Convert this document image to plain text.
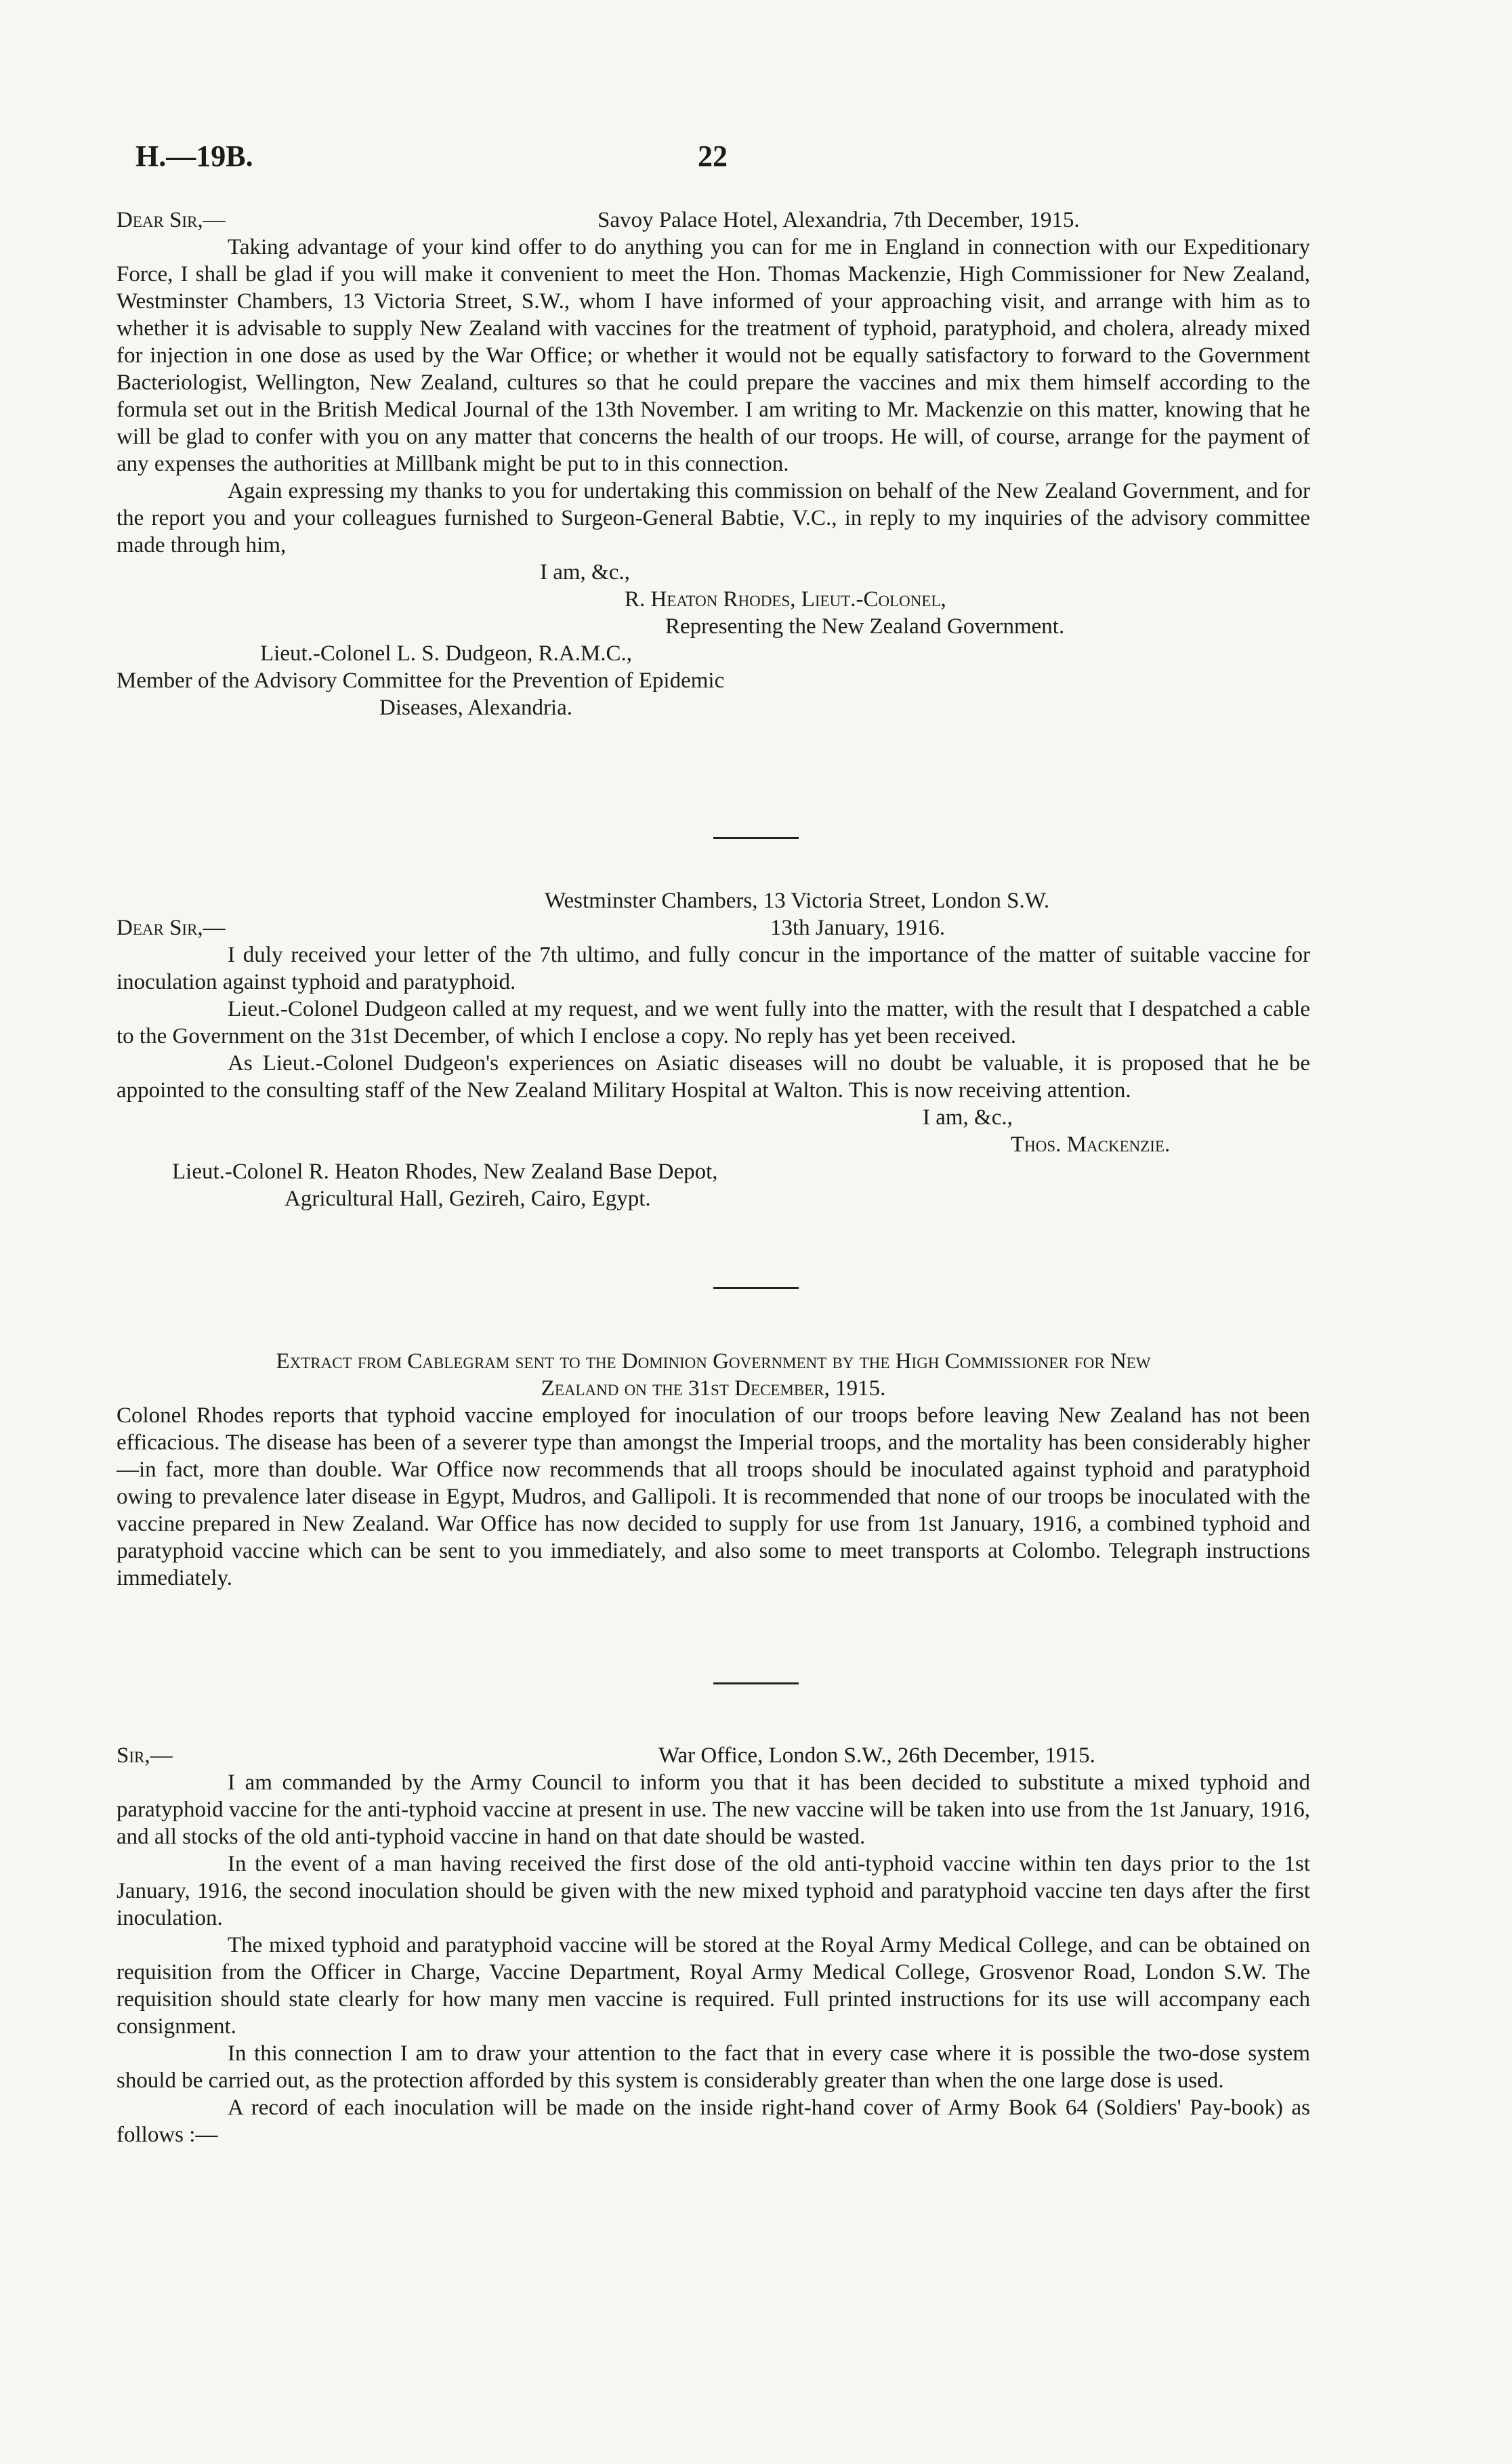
H.—19B.	22
Dear Sir,—	Savoy Palace Hotel, Alexandria, 7th December, 1915.

Taking advantage of your kind offer to do anything you can for me in England in connection with our Expeditionary Force, I shall be glad if you will make it convenient to meet the Hon. Thomas Mackenzie, High Commissioner for New Zealand, Westminster Chambers, 13 Victoria Street, S.W., whom I have informed of your approaching visit, and arrange with him as to whether it is advisable to supply New Zealand with vaccines for the treatment of typhoid, paratyphoid, and cholera, already mixed for injection in one dose as used by the War Office; or whether it would not be equally satisfactory to forward to the Government Bacteriologist, Wellington, New Zealand, cultures so that he could prepare the vaccines and mix them himself according to the formula set out in the British Medical Journal of the 13th November. I am writing to Mr. Mackenzie on this matter, knowing that he will be glad to confer with you on any matter that concerns the health of our troops. He will, of course, arrange for the payment of any expenses the authorities at Millbank might be put to in this connection.

Again expressing my thanks to you for undertaking this commission on behalf of the New Zealand Government, and for the report you and your colleagues furnished to Surgeon-General Babtie, V.C., in reply to my inquiries of the advisory committee made through him,

I am, &c.,
R. Heaton Rhodes, Lieut.-Colonel,
Representing the New Zealand Government.
Lieut.-Colonel L. S. Dudgeon, R.A.M.C.,
Member of the Advisory Committee for the Prevention of Epidemic
Diseases, Alexandria.
Westminster Chambers, 13 Victoria Street, London S.W.
Dear Sir,—	13th January, 1916.

I duly received your letter of the 7th ultimo, and fully concur in the importance of the matter of suitable vaccine for inoculation against typhoid and paratyphoid.

Lieut.-Colonel Dudgeon called at my request, and we went fully into the matter, with the result that I despatched a cable to the Government on the 31st December, of which I enclose a copy. No reply has yet been received.

As Lieut.-Colonel Dudgeon's experiences on Asiatic diseases will no doubt be valuable, it is proposed that he be appointed to the consulting staff of the New Zealand Military Hospital at Walton. This is now receiving attention.

I am, &c.,
Thos. Mackenzie.
Lieut.-Colonel R. Heaton Rhodes, New Zealand Base Depot,
Agricultural Hall, Gezireh, Cairo, Egypt.
Extract from Cablegram sent to the Dominion Government by the High Commissioner for New
Zealand on the 31st December, 1915.

Colonel Rhodes reports that typhoid vaccine employed for inoculation of our troops before leaving New Zealand has not been efficacious. The disease has been of a severer type than amongst the Imperial troops, and the mortality has been considerably higher—in fact, more than double. War Office now recommends that all troops should be inoculated against typhoid and paratyphoid owing to prevalence later disease in Egypt, Mudros, and Gallipoli. It is recommended that none of our troops be inoculated with the vaccine prepared in New Zealand. War Office has now decided to supply for use from 1st January, 1916, a combined typhoid and paratyphoid vaccine which can be sent to you immediately, and also some to meet transports at Colombo. Telegraph instructions immediately.

Sir,—	War Office, London S.W., 26th December, 1915.

I am commanded by the Army Council to inform you that it has been decided to substitute a mixed typhoid and paratyphoid vaccine for the anti-typhoid vaccine at present in use. The new vaccine will be taken into use from the 1st January, 1916, and all stocks of the old anti-typhoid vaccine in hand on that date should be wasted.

In the event of a man having received the first dose of the old anti-typhoid vaccine within ten days prior to the 1st January, 1916, the second inoculation should be given with the new mixed typhoid and paratyphoid vaccine ten days after the first inoculation.

The mixed typhoid and paratyphoid vaccine will be stored at the Royal Army Medical College, and can be obtained on requisition from the Officer in Charge, Vaccine Department, Royal Army Medical College, Grosvenor Road, London S.W. The requisition should state clearly for how many men vaccine is required. Full printed instructions for its use will accompany each consignment.

In this connection I am to draw your attention to the fact that in every case where it is possible the two-dose system should be carried out, as the protection afforded by this system is considerably greater than when the one large dose is used.

A record of each inoculation will be made on the inside right-hand cover of Army Book 64 (Soldiers' Pay-book) as follows :—
